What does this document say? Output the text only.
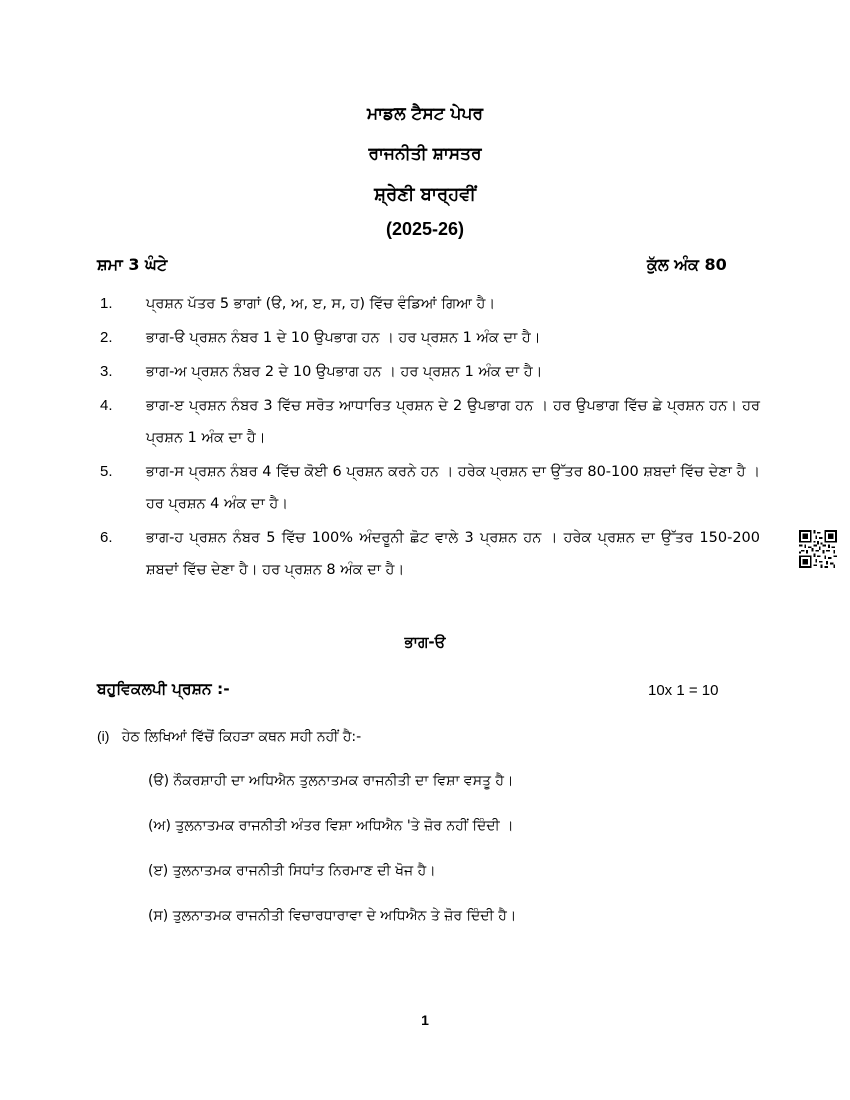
ਮਾਡਲ ਟੈਸਟ ਪੇਪਰ
ਰਾਜਨੀਤੀ ਸ਼ਾਸਤਰ
ਸ਼੍ਰੇਣੀ ਬਾਰ੍ਹਵੀਂ
(2025-26)
ਸ਼ਮਾ 3 ਘੰਟੇ	ਕੁੱਲ ਅੰਕ 80
1.	ਪ੍ਰਸ਼ਨ ਪੱਤਰ 5 ਭਾਗਾਂ (ੳ, ਅ, ੲ, ਸ, ਹ) ਵਿੱਚ ਵੰਡਿਆਂ ਗਿਆ ਹੈ।
2.	ਭਾਗ-ੳ ਪ੍ਰਸ਼ਨ ਨੰਬਰ 1 ਦੇ 10 ਉਪਭਾਗ ਹਨ । ਹਰ ਪ੍ਰਸ਼ਨ 1 ਅੰਕ ਦਾ ਹੈ।
3.	ਭਾਗ-ਅ ਪ੍ਰਸ਼ਨ ਨੰਬਰ 2 ਦੇ 10 ਉਪਭਾਗ ਹਨ । ਹਰ ਪ੍ਰਸ਼ਨ 1 ਅੰਕ ਦਾ ਹੈ।
4.	ਭਾਗ-ੲ ਪ੍ਰਸ਼ਨ ਨੰਬਰ 3 ਵਿੱਚ ਸਰੋਤ ਆਧਾਰਿਤ ਪ੍ਰਸ਼ਨ ਦੇ 2 ਉਪਭਾਗ ਹਨ । ਹਰ ਉਪਭਾਗ ਵਿੱਚ ਛੇ ਪ੍ਰਸ਼ਨ ਹਨ। ਹਰ ਪ੍ਰਸ਼ਨ 1 ਅੰਕ ਦਾ ਹੈ।
5.	ਭਾਗ-ਸ ਪ੍ਰਸ਼ਨ ਨੰਬਰ 4 ਵਿੱਚ ਕੋਈ 6 ਪ੍ਰਸ਼ਨ ਕਰਨੇ ਹਨ । ਹਰੇਕ ਪ੍ਰਸ਼ਨ ਦਾ ਉੱਤਰ 80-100 ਸ਼ਬਦਾਂ ਵਿੱਚ ਦੇਣਾ ਹੈ । ਹਰ ਪ੍ਰਸ਼ਨ 4 ਅੰਕ ਦਾ ਹੈ।
6.	ਭਾਗ-ਹ ਪ੍ਰਸ਼ਨ ਨੰਬਰ 5 ਵਿੱਚ 100% ਅੰਦਰੂਨੀ ਛੋਟ ਵਾਲੇ 3 ਪ੍ਰਸ਼ਨ ਹਨ । ਹਰੇਕ ਪ੍ਰਸ਼ਨ ਦਾ ਉੱਤਰ 150-200 ਸ਼ਬਦਾਂ ਵਿੱਚ ਦੇਣਾ ਹੈ। ਹਰ ਪ੍ਰਸ਼ਨ 8 ਅੰਕ ਦਾ ਹੈ।
ਭਾਗ-ੳ
ਬਹੁਵਿਕਲਪੀ ਪ੍ਰਸ਼ਨ :-	10x 1 = 10
(i) ਹੇਠ ਲਿਖਿਆਂ ਵਿੱਚੋਂ ਕਿਹੜਾ ਕਥਨ ਸਹੀ ਨਹੀਂ ਹੈ:-
(ੳ) ਨੌਕਰਸ਼ਾਹੀ ਦਾ ਅਧਿਐਨ ਤੁਲਨਾਤਮਕ ਰਾਜਨੀਤੀ ਦਾ ਵਿਸ਼ਾ ਵਸਤੂ ਹੈ।
(ਅ) ਤੁਲਨਾਤਮਕ ਰਾਜਨੀਤੀ ਅੰਤਰ ਵਿਸ਼ਾ ਅਧਿਐਨ 'ਤੇ ਜ਼ੋਰ ਨਹੀਂ ਦਿੰਦੀ ।
(ੲ) ਤੁਲਨਾਤਮਕ ਰਾਜਨੀਤੀ ਸਿਧਾਂਤ ਨਿਰਮਾਣ ਦੀ ਖੋਜ ਹੈ।
(ਸ) ਤੁਲਨਾਤਮਕ ਰਾਜਨੀਤੀ ਵਿਚਾਰਧਾਰਾਵਾ ਦੇ ਅਧਿਐਨ ਤੇ ਜ਼ੋਰ ਦਿੰਦੀ ਹੈ।
1
